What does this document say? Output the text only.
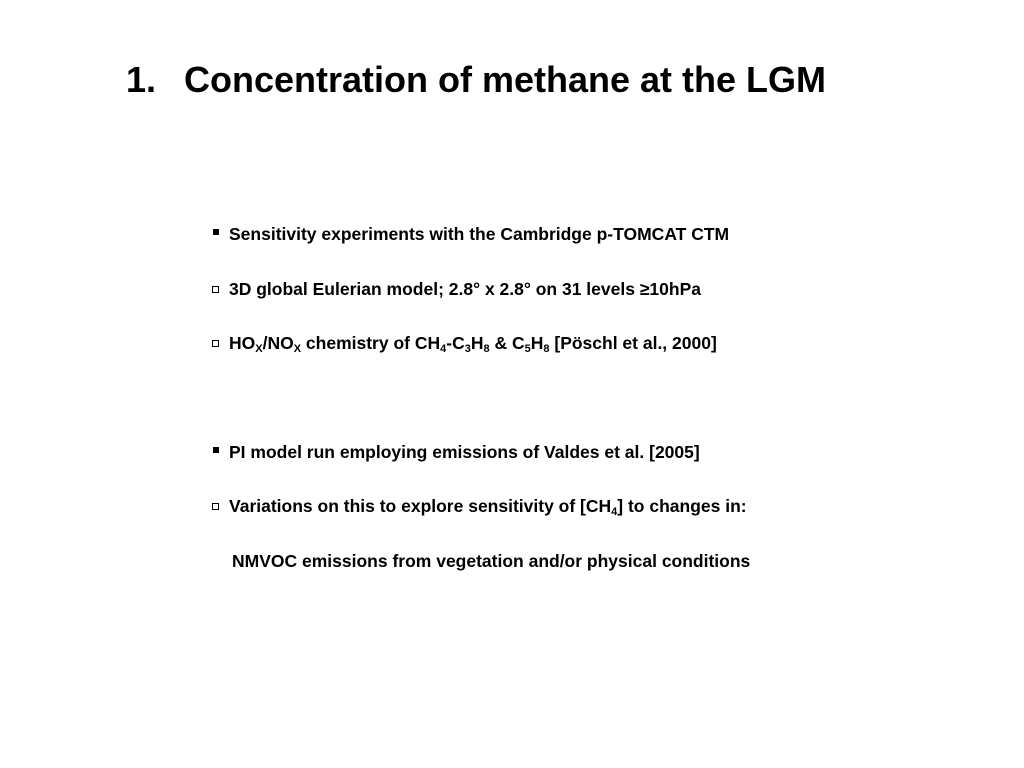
1. Concentration of methane at the LGM
Sensitivity experiments with the Cambridge p-TOMCAT CTM
3D global Eulerian model; 2.8° x 2.8° on 31 levels ≥10hPa
$HO_X/NO_X$ chemistry of $CH_4-C_3H_8$ & $C_5H_8$ [Pöschl et al., 2000]
PI model run employing emissions of Valdes et al. [2005]
Variations on this to explore sensitivity of $[CH_4]$ to changes in:
NMVOC emissions from vegetation and/or physical conditions
